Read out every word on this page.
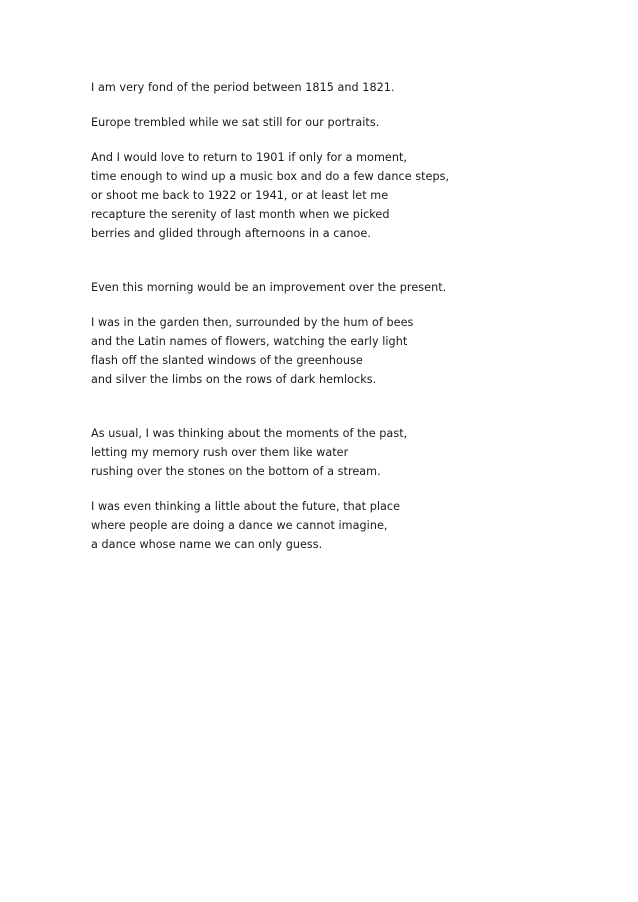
I am very fond of the period between 1815 and 1821.
Europe trembled while we sat still for our portraits.
And I would love to return to 1901 if only for a moment,
time enough to wind up a music box and do a few dance steps,
or shoot me back to 1922 or 1941, or at least let me
recapture the serenity of last month when we picked
berries and glided through afternoons in a canoe.
Even this morning would be an improvement over the present.
I was in the garden then, surrounded by the hum of bees
and the Latin names of flowers, watching the early light
flash off the slanted windows of the greenhouse
and silver the limbs on the rows of dark hemlocks.
As usual, I was thinking about the moments of the past,
letting my memory rush over them like water
rushing over the stones on the bottom of a stream.
I was even thinking a little about the future, that place
where people are doing a dance we cannot imagine,
a dance whose name we can only guess.
